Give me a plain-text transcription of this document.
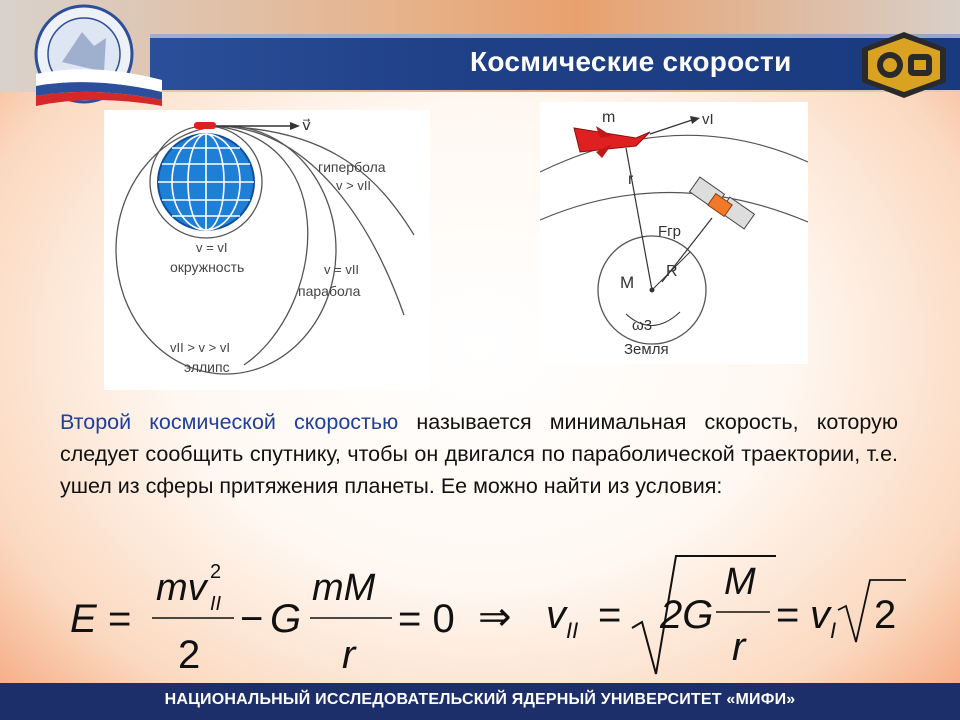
Космические скорости
v⃗
гипербола
v > vII
v = vI
окружность	v = vII
парабола
vII > v > vI
эллипс
m	vI
r
Fгр
M
R
ω3
Земля
Второй космической скоростью называется минимальная скорость, которую следует сообщить спутнику, чтобы он двигался по параболической траектории, т.е. ушел из сферы притяжения планеты. Ее можно найти из условия:
E =
mv II
2
2
− G
mM
r
= 0 ⇒ v II = 2G
M
r
= v I 2
НАЦИОНАЛЬНЫЙ ИССЛЕДОВАТЕЛЬСКИЙ ЯДЕРНЫЙ УНИВЕРСИТЕТ «МИФИ»
